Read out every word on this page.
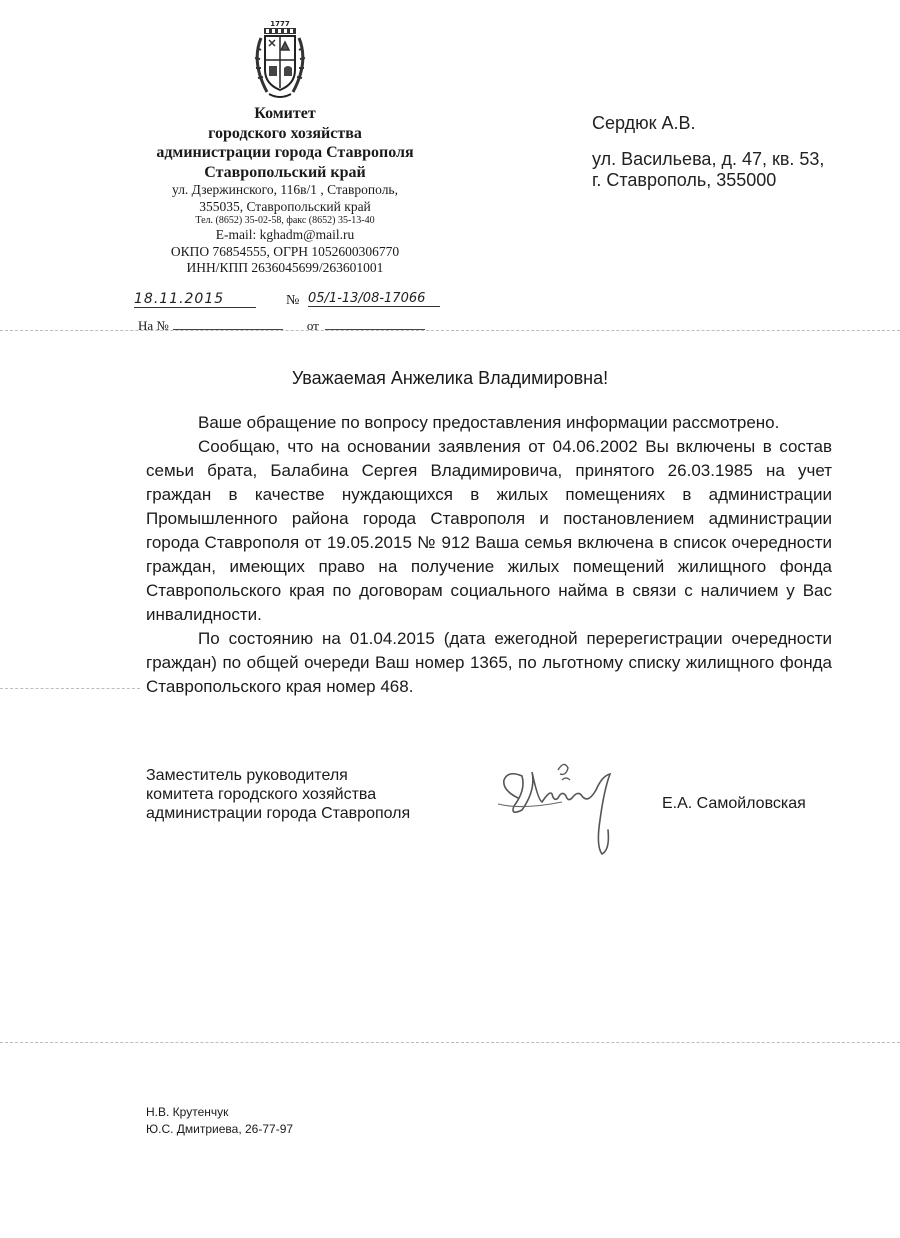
1777
Комитет
городского хозяйства
администрации города Ставрополя
Ставропольский край
ул. Дзержинского, 116в/1 , Ставрополь,
355035, Ставропольский край
Тел. (8652) 35-02-58, факс (8652) 35-13-40
E-mail: kghadm@mail.ru
ОКПО 76854555, ОГРН 1052600306770
ИНН/КПП 2636045699/263601001
18.11.2015	№ 05/1-13/08-17066
На №	от
Сердюк А.В.
ул. Васильева, д. 47, кв. 53,
г. Ставрополь, 355000
Уважаемая Анжелика Владимировна!

Ваше обращение по вопросу предоставления информации рассмотрено.

Сообщаю, что на основании заявления от 04.06.2002 Вы включены в состав семьи брата, Балабина Сергея Владимировича, принятого 26.03.1985 на учет граждан в качестве нуждающихся в жилых помещениях в администрации Промышленного района города Ставрополя и постановлением администрации города Ставрополя от 19.05.2015 № 912 Ваша семья включена в список очередности граждан, имеющих право на получение жилых помещений жилищного фонда Ставропольского края по договорам социального найма в связи с наличием у Вас инвалидности.

По состоянию на 01.04.2015 (дата ежегодной перерегистрации очередности граждан) по общей очереди Ваш номер 1365, по льготному списку жилищного фонда Ставропольского края номер 468.

Заместитель руководителя
комитета городского хозяйства
администрации города Ставрополя
Е.А. Самойловская
Н.В. Крутенчук
Ю.С. Дмитриева, 26-77-97
